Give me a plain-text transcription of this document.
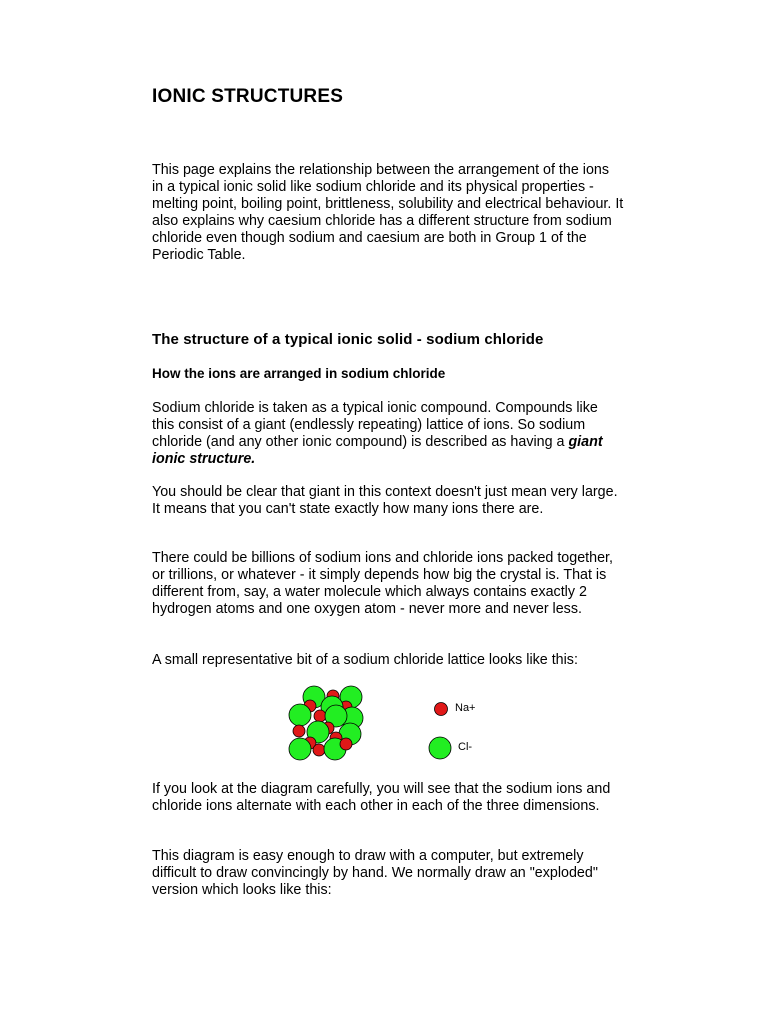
IONIC STRUCTURES

This page explains the relationship between the arrangement of the ions in a typical ionic solid like sodium chloride and its physical properties - melting point, boiling point, brittleness, solubility and electrical behaviour. It also explains why caesium chloride has a different structure from sodium chloride even though sodium and caesium are both in Group 1 of the Periodic Table.

The structure of a typical ionic solid - sodium chloride
How the ions are arranged in sodium chloride

Sodium chloride is taken as a typical ionic compound. Compounds like this consist of a giant (endlessly repeating) lattice of ions. So sodium chloride (and any other ionic compound) is described as having a giant ionic structure.

You should be clear that giant in this context doesn't just mean very large. It means that you can't state exactly how many ions there are.

There could be billions of sodium ions and chloride ions packed together, or trillions, or whatever - it simply depends how big the crystal is. That is different from, say, a water molecule which always contains exactly 2 hydrogen atoms and one oxygen atom - never more and never less.

A small representative bit of a sodium chloride lattice looks like this:

If you look at the diagram carefully, you will see that the sodium ions and chloride ions alternate with each other in each of the three dimensions.

This diagram is easy enough to draw with a computer, but extremely difficult to draw convincingly by hand. We normally draw an "exploded" version which looks like this:

Na+
Cl-
